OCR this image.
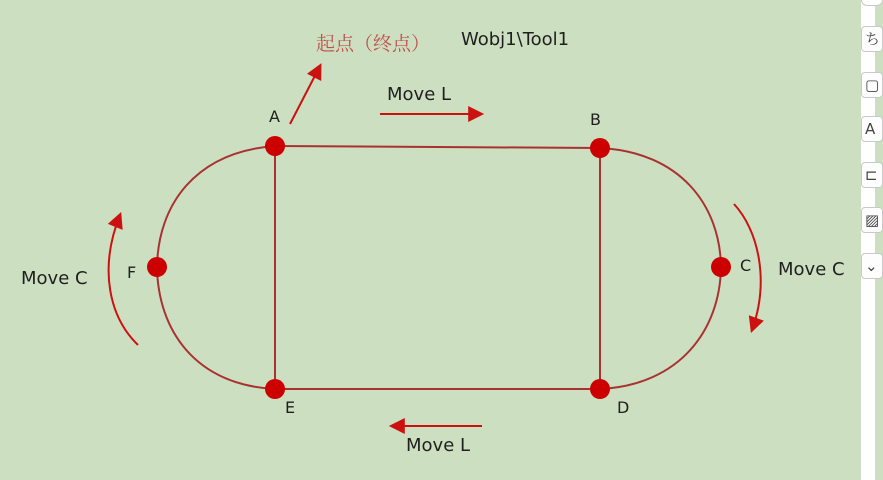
A	B
C
D
E
F
起点（终点） Wobj1\Tool1
Move L
Move L
Move C
Move C
ち
▢
A
⊏
▨
⌄
